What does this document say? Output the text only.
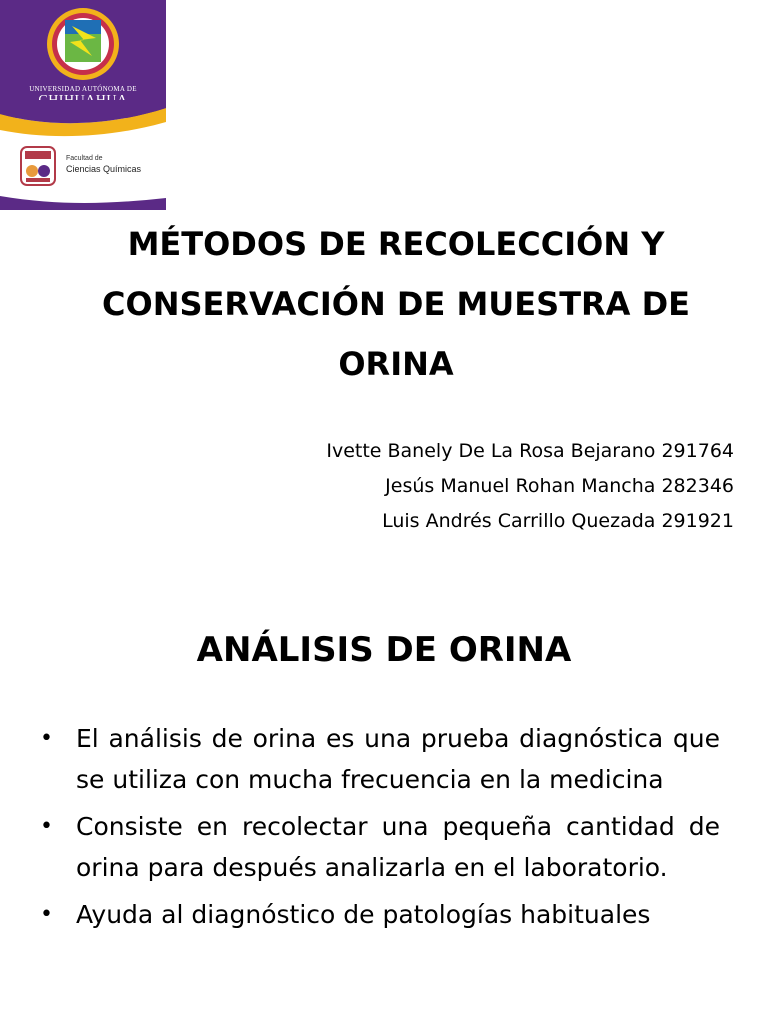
UNIVERSIDAD AUTÓNOMA DE
Facultad de
Ciencias Químicas
MÉTODOS DE RECOLECCIÓN Y
CONSERVACIÓN DE MUESTRA DE
ORINA
Ivette Banely De La Rosa Bejarano 291764
Jesús Manuel Rohan Mancha 282346
Luis Andrés Carrillo Quezada 291921
ANÁLISIS DE ORINA
• El análisis de orina es una prueba diagnóstica que se utiliza con mucha frecuencia en la medicina
• Consiste en recolectar una pequeña cantidad de orina para después analizarla en el laboratorio.
• Ayuda al diagnóstico de patologías habituales
